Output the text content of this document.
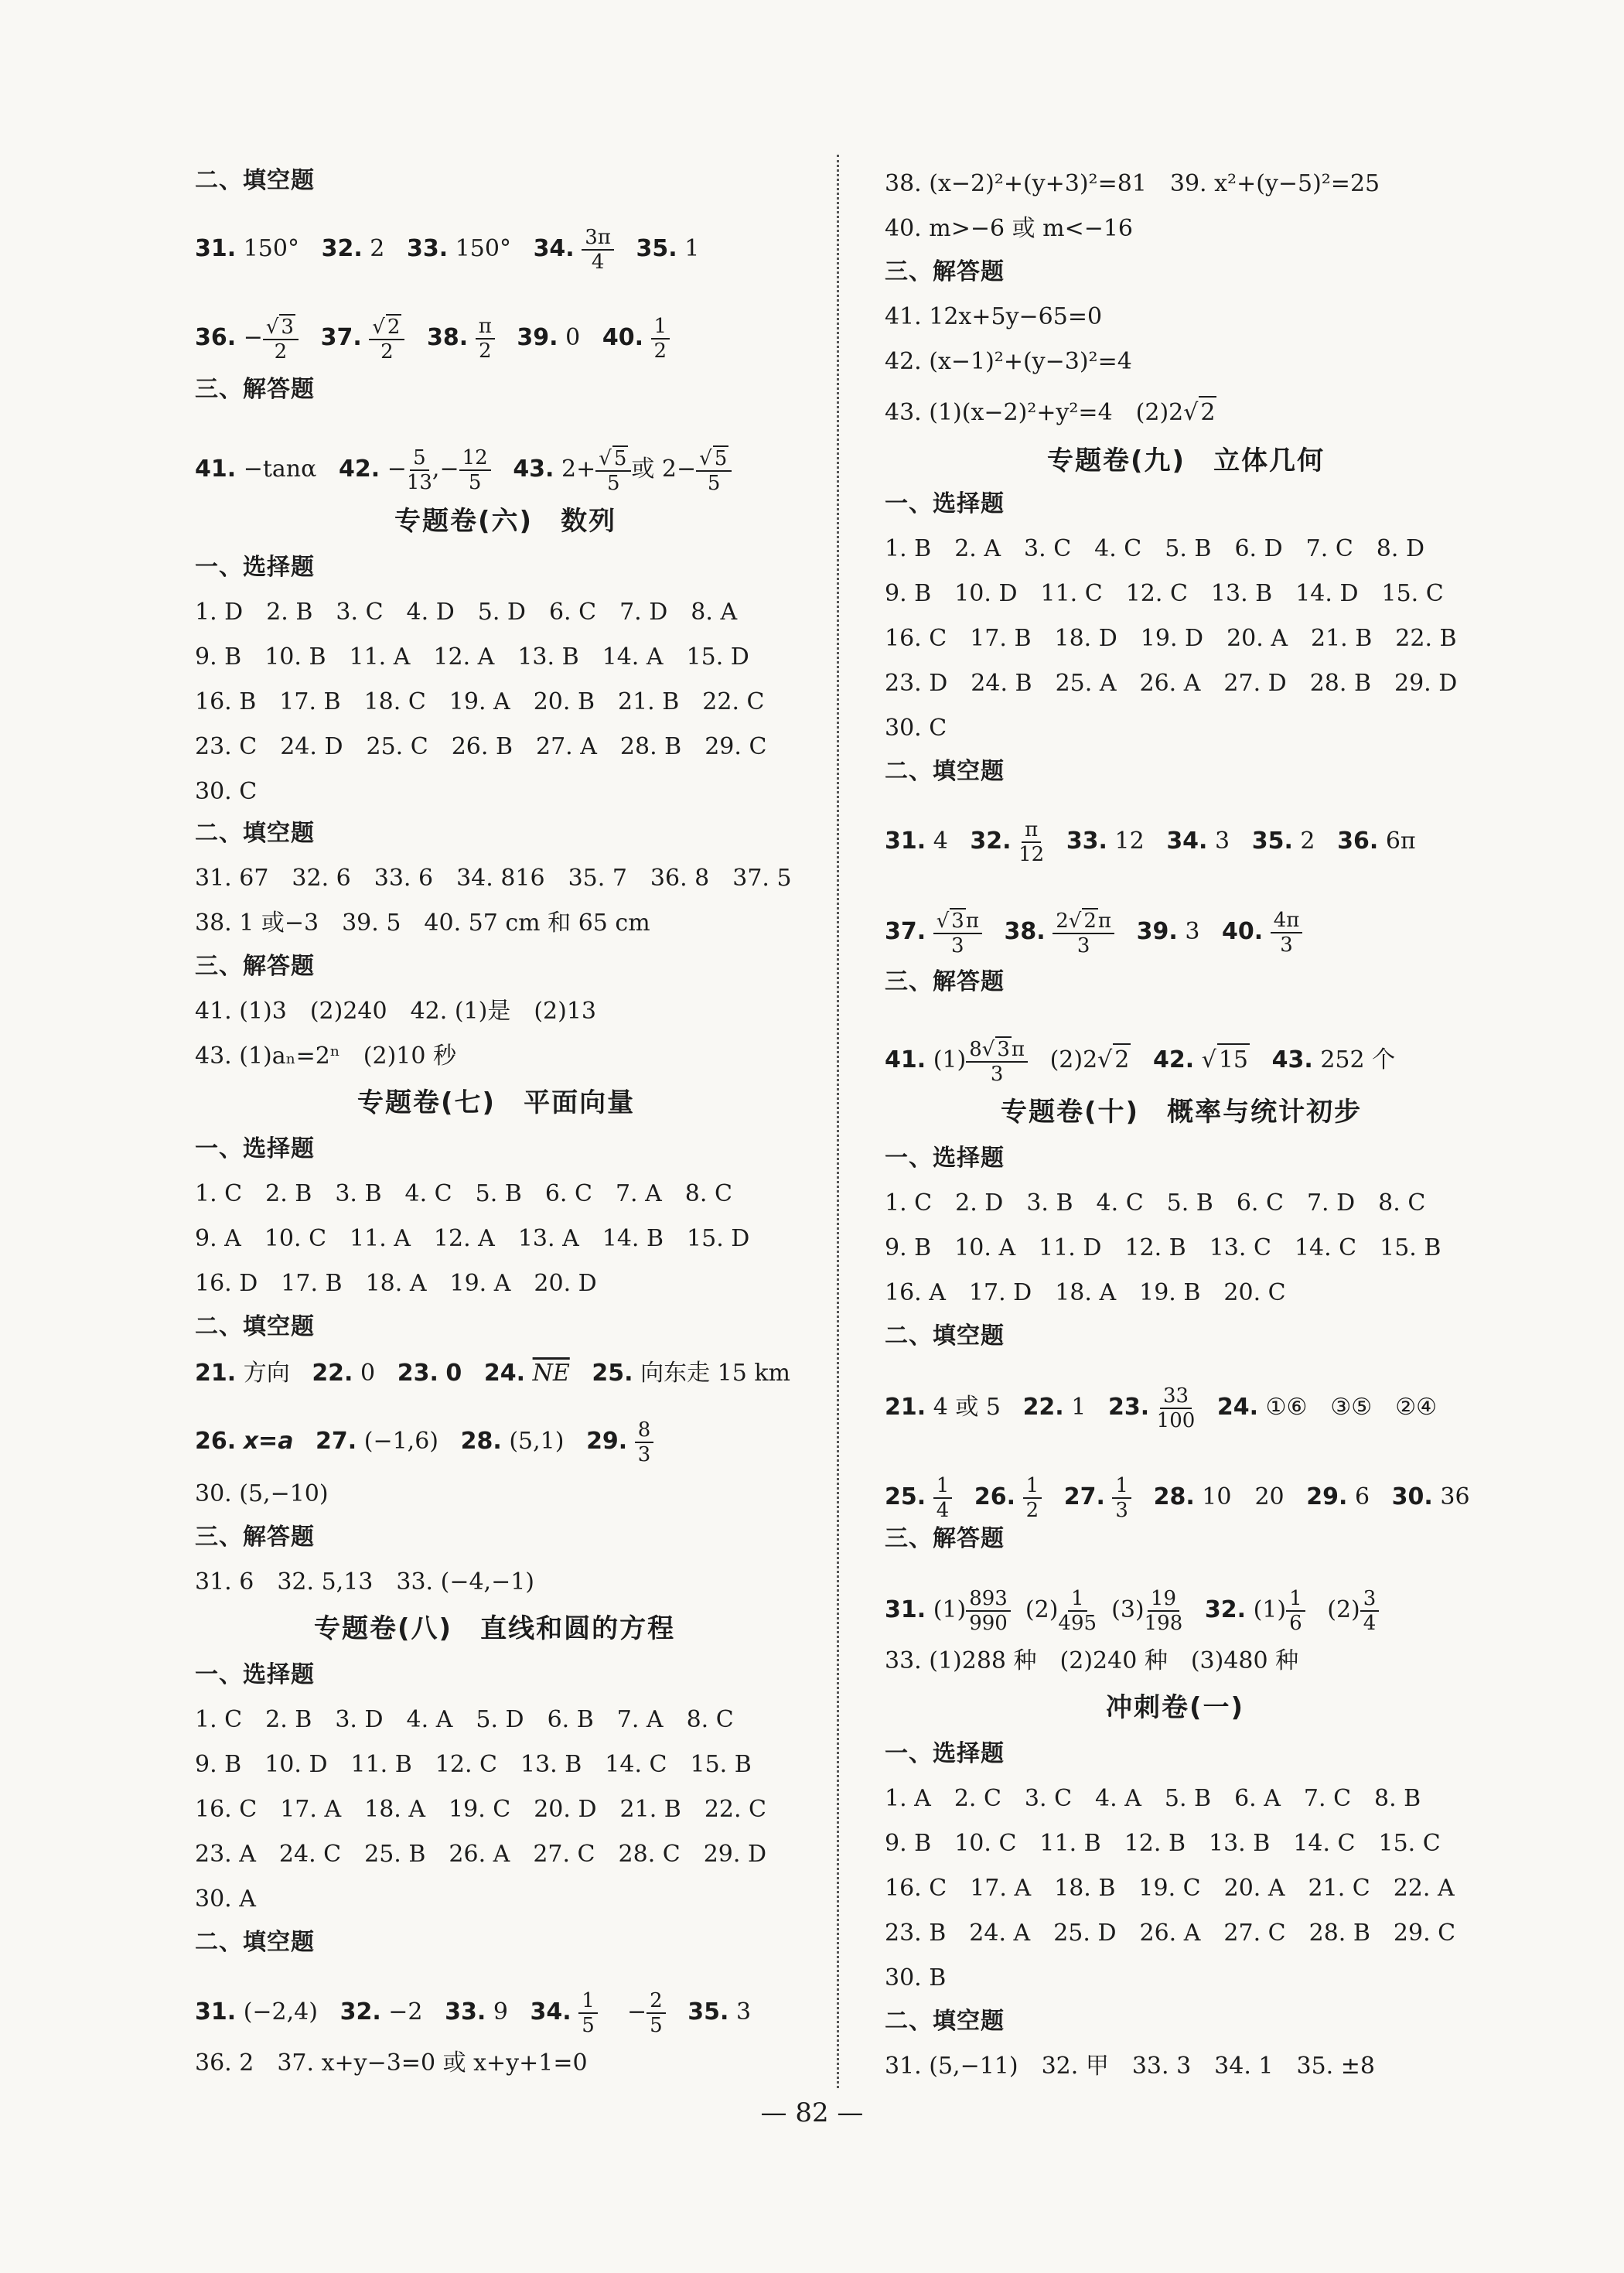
二、填空题
31. 150° 32. 2 33. 150° 34. $\frac{3\pi}{4} 35$. 1
36. − $\frac{√ 3}{2} 37$. $\frac{√ 2}{2} 38$. $\frac{\pi}{2} 39$. 0 40. $\frac{1}{2}$
三、解答题
41. −tanα 42. − $\frac{5}{13}$ ,− $\frac{12}{5} 43$. $2+ \frac{√ 5}{5}$ 或 $2- \frac{√ 5}{5}$
专题卷(六)　数列
一、选择题
1. D　2. B　3. C　4. D　5. D　6. C　7. D　8. A
9. B　10. B　11. A　12. A　13. B　14. A　15. D
16. B　17. B　18. C　19. A　20. B　21. B　22. C
23. C　24. D　25. C　26. B　27. A　28. B　29. C
30. C
二、填空题
31. 67　32. 6　33. 6　34. 816　35. 7　36. 8　37. 5
38. 1 或−3　39. 5　40. 57 cm 和 65 cm
三、解答题
41. (1)3　(2)240　42. (1)是　(2)13
43. (1)aₙ=2ⁿ　(2)10 秒
专题卷(七)　平面向量
一、选择题
1. C　2. B　3. B　4. C　5. B　6. C　7. A　8. C
9. A　10. C　11. A　12. A　13. A　14. B　15. D
16. D　17. B　18. A　19. A　20. D
二、填空题
21. 方向 22. 0 23. 0 24. $\overline{NE}$ 25. 向东走 15 km
26. x=a 27. (−1,6) 28. (5,1) 29. $\frac{8}{3}$
30. (5,−10)
三、解答题
31. 6　32. 5,13　33. (−4,−1)
专题卷(八)　直线和圆的方程
一、选择题
1. C　2. B　3. D　4. A　5. D　6. B　7. A　8. C
9. B　10. D　11. B　12. C　13. B　14. C　15. B
16. C　17. A　18. A　19. C　20. D　21. B　22. C
23. A　24. C　25. B　26. A　27. C　28. C　29. D
30. A
二、填空题
31. (−2,4) 32. −2 33. 9 34. $\frac{1}{5} - \frac{2}{5} 35$. 3
36. 2　37. x+y−3=0 或 x+y+1=0
38. (x−2)²+(y+3)²=81　39. x²+(y−5)²=25
40. m>−6 或 m<−16
三、解答题
41. 12x+5y−65=0
42. (x−1)²+(y−3)²=4
43. (1)(x−2)²+y²=4　(2)2√ 2
专题卷(九)　立体几何
一、选择题
1. B　2. A　3. C　4. C　5. B　6. D　7. C　8. D
9. B　10. D　11. C　12. C　13. B　14. D　15. C
16. C　17. B　18. D　19. D　20. A　21. B　22. B
23. D　24. B　25. A　26. A　27. D　28. B　29. D
30. C
二、填空题
31. 4 32. $\frac{\pi}{12} 33$. 12 34. 3 35. 2 36. 6π
37. $\frac{√ 3\pi}{3} 38$. $\frac{2√ 2\pi}{3} 39$. 3 40. $\frac{4\pi}{3}$
三、解答题
41. $(1) \frac{8√ 3\pi}{3} (2)2√$ 2 42. √ 15 43. 252 个
专题卷(十)　概率与统计初步
一、选择题
1. C　2. D　3. B　4. C　5. B　6. C　7. D　8. C
9. B　10. A　11. D　12. B　13. C　14. C　15. B
16. A　17. D　18. A　19. B　20. C
二、填空题
21. 4 或 5 22. 1 23. $\frac{33}{100} 24$. ①⑥　③⑤　②④
25. $\frac{1}{4} 26$. $\frac{1}{2} 27$. $\frac{1}{3} 28$. 10　20 29. 6 30. 36
三、解答题
31. $(1) \frac{893}{990} (2) \frac{1}{495} (3) \frac{19}{198} 32$. $(1) \frac{1}{6} (2) \frac{3}{4}$
33. (1)288 种　(2)240 种　(3)480 种
冲刺卷(一)
一、选择题
1. A　2. C　3. C　4. A　5. B　6. A　7. C　8. B
9. B　10. C　11. B　12. B　13. B　14. C　15. C
16. C　17. A　18. B　19. C　20. A　21. C　22. A
23. B　24. A　25. D　26. A　27. C　28. B　29. C
30. B
二、填空题
31. (5,−11)　32. 甲　33. 3　34. 1　35. ±8
— 82 —
